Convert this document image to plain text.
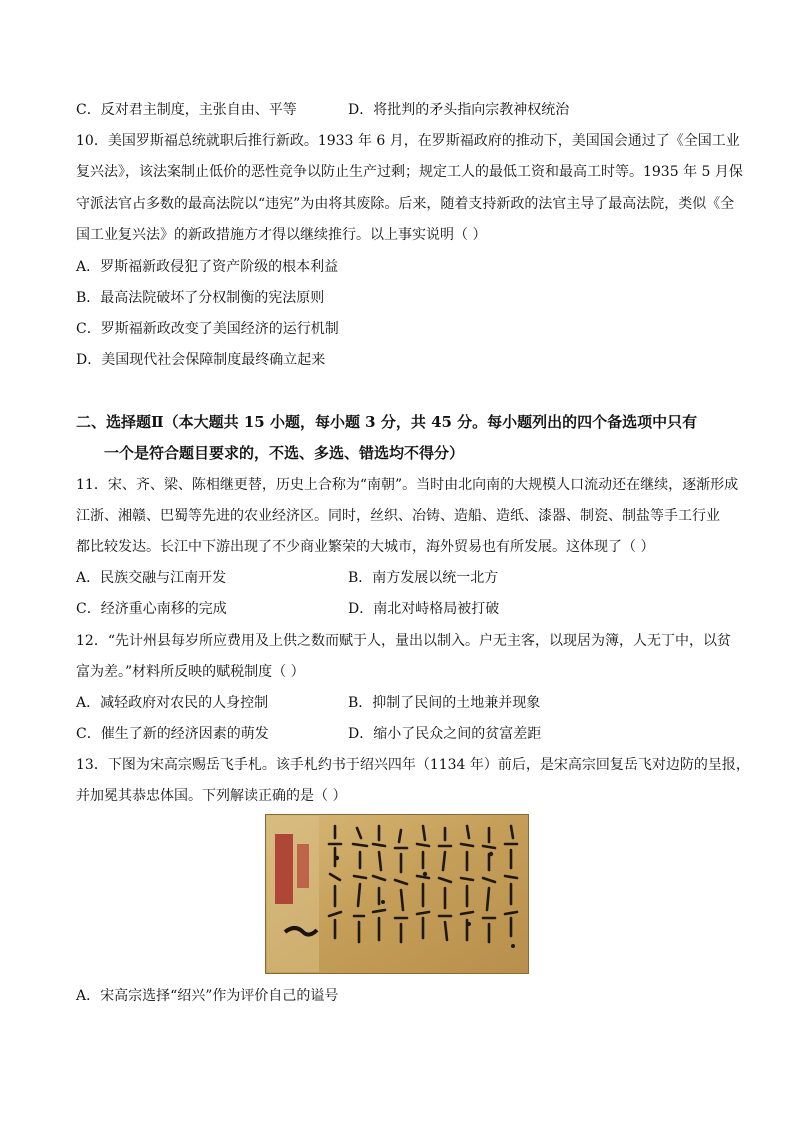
C．反对君主制度，主张自由、平等	D．将批判的矛头指向宗教神权统治
10．美国罗斯福总统就职后推行新政。1933 年 6 月，在罗斯福政府的推动下，美国国会通过了《全国工业
复兴法》，该法案制止低价的恶性竞争以防止生产过剩；规定工人的最低工资和最高工时等。1935 年 5 月保
守派法官占多数的最高法院以“违宪”为由将其废除。后来，随着支持新政的法官主导了最高法院，类似《全
国工业复兴法》的新政措施方才得以继续推行。以上事实说明（ ）
A．罗斯福新政侵犯了资产阶级的根本利益
B．最高法院破坏了分权制衡的宪法原则
C．罗斯福新政改变了美国经济的运行机制
D．美国现代社会保障制度最终确立起来
二、选择题Ⅱ（本大题共 15 小题，每小题 3 分，共 45 分。每小题列出的四个备选项中只有
一个是符合题目要求的，不选、多选、错选均不得分）
11．宋、齐、梁、陈相继更替，历史上合称为“南朝”。当时由北向南的大规模人口流动还在继续，逐渐形成
江浙、湘赣、巴蜀等先进的农业经济区。同时，丝织、冶铸、造船、造纸、漆器、制瓷、制盐等手工行业
都比较发达。长江中下游出现了不少商业繁荣的大城市，海外贸易也有所发展。这体现了（ ）
A．民族交融与江南开发	B．南方发展以统一北方
C．经济重心南移的完成	D．南北对峙格局被打破
12．“先计州县每岁所应费用及上供之数而赋于人，量出以制入。户无主客，以现居为簿，人无丁中，以贫
富为差。”材料所反映的赋税制度（ ）
A．减轻政府对农民的人身控制	B．抑制了民间的土地兼并现象
C．催生了新的经济因素的萌发	D．缩小了民众之间的贫富差距
13．下图为宋高宗赐岳飞手札。该手札约书于绍兴四年（1134 年）前后，是宋高宗回复岳飞对边防的呈报，
并加冕其恭忠体国。下列解读正确的是（ ）
A．宋高宗选择“绍兴”作为评价自己的谥号
